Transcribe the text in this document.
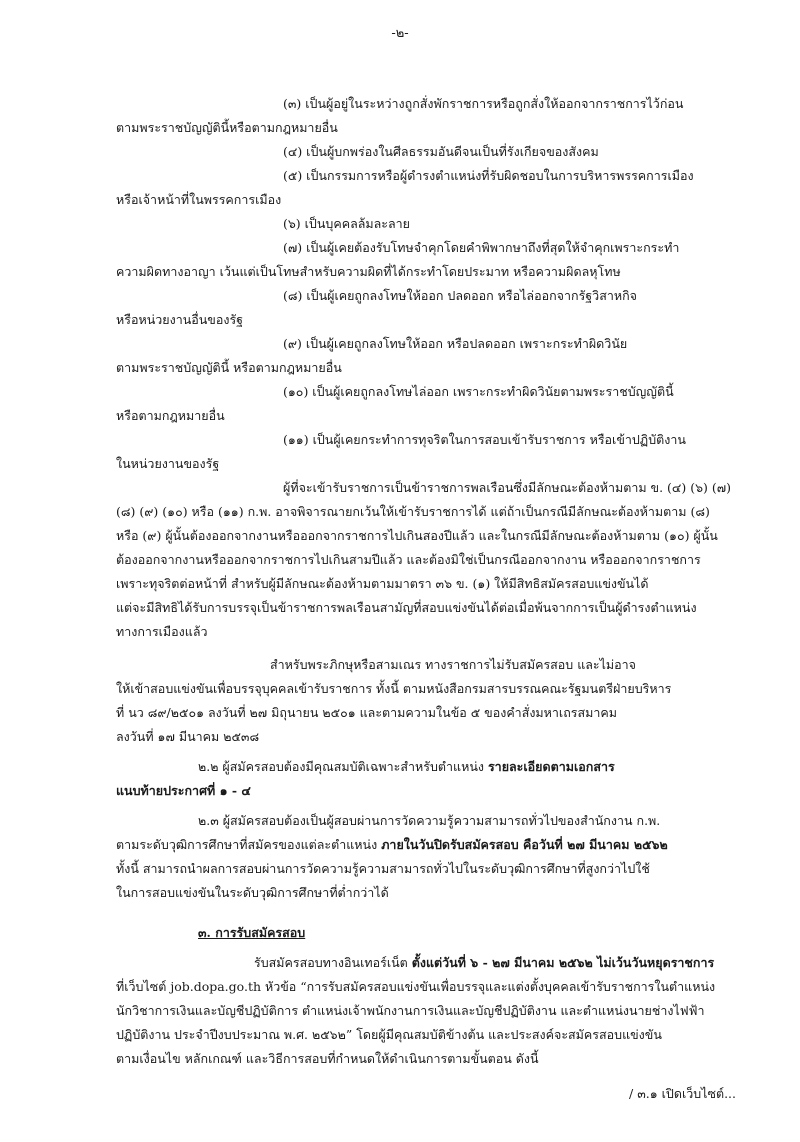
-๒-
(๓) เป็นผู้อยู่ในระหว่างถูกสั่งพักราชการหรือถูกสั่งให้ออกจากราชการไว้ก่อน
ตามพระราชบัญญัตินี้หรือตามกฎหมายอื่น
(๔) เป็นผู้บกพร่องในศีลธรรมอันดีจนเป็นที่รังเกียจของสังคม
(๕) เป็นกรรมการหรือผู้ดำรงตำแหน่งที่รับผิดชอบในการบริหารพรรคการเมือง
หรือเจ้าหน้าที่ในพรรคการเมือง
(๖) เป็นบุคคลล้มละลาย
(๗) เป็นผู้เคยต้องรับโทษจำคุกโดยคำพิพากษาถึงที่สุดให้จำคุกเพราะกระทำ
ความผิดทางอาญา เว้นแต่เป็นโทษสำหรับความผิดที่ได้กระทำโดยประมาท หรือความผิดลหุโทษ
(๘) เป็นผู้เคยถูกลงโทษให้ออก ปลดออก หรือไล่ออกจากรัฐวิสาหกิจ
หรือหน่วยงานอื่นของรัฐ
(๙) เป็นผู้เคยถูกลงโทษให้ออก หรือปลดออก เพราะกระทำผิดวินัย
ตามพระราชบัญญัตินี้ หรือตามกฎหมายอื่น
(๑๐) เป็นผู้เคยถูกลงโทษไล่ออก เพราะกระทำผิดวินัยตามพระราชบัญญัตินี้
หรือตามกฎหมายอื่น
(๑๑) เป็นผู้เคยกระทำการทุจริตในการสอบเข้ารับราชการ หรือเข้าปฏิบัติงาน
ในหน่วยงานของรัฐ
ผู้ที่จะเข้ารับราชการเป็นข้าราชการพลเรือนซึ่งมีลักษณะต้องห้ามตาม ข. (๔) (๖) (๗)
(๘) (๙) (๑๐) หรือ (๑๑) ก.พ. อาจพิจารณายกเว้นให้เข้ารับราชการได้ แต่ถ้าเป็นกรณีมีลักษณะต้องห้ามตาม (๘)
หรือ (๙) ผู้นั้นต้องออกจากงานหรือออกจากราชการไปเกินสองปีแล้ว และในกรณีมีลักษณะต้องห้ามตาม (๑๐) ผู้นั้น
ต้องออกจากงานหรือออกจากราชการไปเกินสามปีแล้ว และต้องมิใช่เป็นกรณีออกจากงาน หรือออกจากราชการ
เพราะทุจริตต่อหน้าที่ สำหรับผู้มีลักษณะต้องห้ามตามมาตรา ๓๖ ข. (๑) ให้มีสิทธิสมัครสอบแข่งขันได้
แต่จะมีสิทธิได้รับการบรรจุเป็นข้าราชการพลเรือนสามัญที่สอบแข่งขันได้ต่อเมื่อพ้นจากการเป็นผู้ดำรงตำแหน่ง
ทางการเมืองแล้ว
สำหรับพระภิกษุหรือสามเณร ทางราชการไม่รับสมัครสอบ และไม่อาจ
ให้เข้าสอบแข่งขันเพื่อบรรจุบุคคลเข้ารับราชการ ทั้งนี้ ตามหนังสือกรมสารบรรณคณะรัฐมนตรีฝ่ายบริหาร
ที่ นว ๘๙/๒๕๐๑ ลงวันที่ ๒๗ มิถุนายน ๒๕๐๑ และตามความในข้อ ๕ ของคำสั่งมหาเถรสมาคม
ลงวันที่ ๑๗ มีนาคม ๒๕๓๘
๒.๒ ผู้สมัครสอบต้องมีคุณสมบัติเฉพาะสำหรับตำแหน่ง รายละเอียดตามเอกสาร
แนบท้ายประกาศที่ ๑ - ๔
๒.๓ ผู้สมัครสอบต้องเป็นผู้สอบผ่านการวัดความรู้ความสามารถทั่วไปของสำนักงาน ก.พ.
ตามระดับวุฒิการศึกษาที่สมัครของแต่ละตำแหน่ง ภายในวันปิดรับสมัครสอบ คือวันที่ ๒๗ มีนาคม ๒๕๖๒
ทั้งนี้ สามารถนำผลการสอบผ่านการวัดความรู้ความสามารถทั่วไปในระดับวุฒิการศึกษาที่สูงกว่าไปใช้
ในการสอบแข่งขันในระดับวุฒิการศึกษาที่ต่ำกว่าได้
๓. การรับสมัครสอบ
รับสมัครสอบทางอินเทอร์เน็ต ตั้งแต่วันที่ ๖ - ๒๗ มีนาคม ๒๕๖๒ ไม่เว้นวันหยุดราชการ
ที่เว็บไซต์ job.dopa.go.th หัวข้อ “การรับสมัครสอบแข่งขันเพื่อบรรจุและแต่งตั้งบุคคลเข้ารับราชการในตำแหน่ง
นักวิชาการเงินและบัญชีปฏิบัติการ ตำแหน่งเจ้าพนักงานการเงินและบัญชีปฏิบัติงาน และตำแหน่งนายช่างไฟฟ้า
ปฏิบัติงาน ประจำปีงบประมาณ พ.ศ. ๒๕๖๒” โดยผู้มีคุณสมบัติข้างต้น และประสงค์จะสมัครสอบแข่งขัน
ตามเงื่อนไข หลักเกณฑ์ และวิธีการสอบที่กำหนดให้ดำเนินการตามขั้นตอน ดังนี้
/ ๓.๑ เปิดเว็บไซต์...
